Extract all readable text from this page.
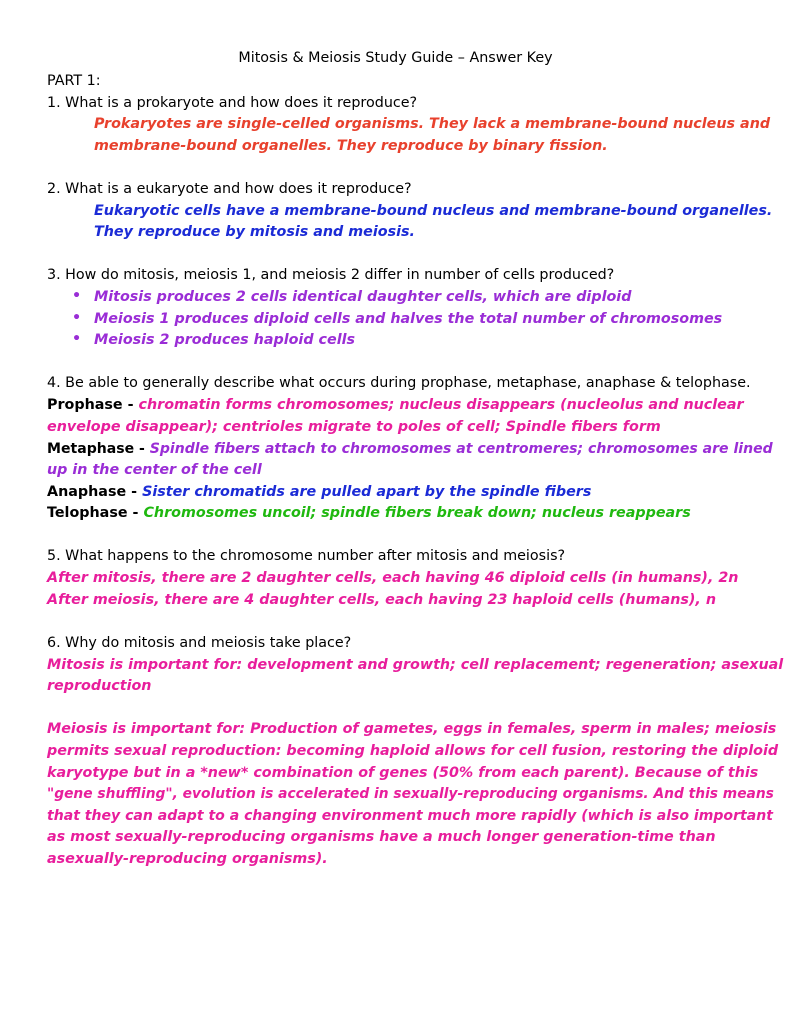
Mitosis & Meiosis Study Guide – Answer Key
PART 1:
1. What is a prokaryote and how does it reproduce?
Prokaryotes are single-celled organisms. They lack a membrane-bound nucleus and
membrane-bound organelles. They reproduce by binary fission.
2. What is a eukaryote and how does it reproduce?
Eukaryotic cells have a membrane-bound nucleus and membrane-bound organelles.
They reproduce by mitosis and meiosis.
3. How do mitosis, meiosis 1, and meiosis 2 differ in number of cells produced?
• Mitosis produces 2 cells identical daughter cells, which are diploid
• Meiosis 1 produces diploid cells and halves the total number of chromosomes
• Meiosis 2 produces haploid cells
4. Be able to generally describe what occurs during prophase, metaphase, anaphase & telophase.
Prophase - chromatin forms chromosomes; nucleus disappears (nucleolus and nuclear
envelope disappear); centrioles migrate to poles of cell; Spindle fibers form
Metaphase - Spindle fibers attach to chromosomes at centromeres; chromosomes are lined
up in the center of the cell
Anaphase - Sister chromatids are pulled apart by the spindle fibers
Telophase - Chromosomes uncoil; spindle fibers break down; nucleus reappears
5. What happens to the chromosome number after mitosis and meiosis?
After mitosis, there are 2 daughter cells, each having 46 diploid cells (in humans), 2n
After meiosis, there are 4 daughter cells, each having 23 haploid cells (humans), n
6. Why do mitosis and meiosis take place?
Mitosis is important for: development and growth; cell replacement; regeneration; asexual
reproduction
Meiosis is important for: Production of gametes, eggs in females, sperm in males; meiosis
permits sexual reproduction: becoming haploid allows for cell fusion, restoring the diploid
karyotype but in a *new* combination of genes (50% from each parent). Because of this
"gene shuffling", evolution is accelerated in sexually-reproducing organisms. And this means
that they can adapt to a changing environment much more rapidly (which is also important
as most sexually-reproducing organisms have a much longer generation-time than
asexually-reproducing organisms).
